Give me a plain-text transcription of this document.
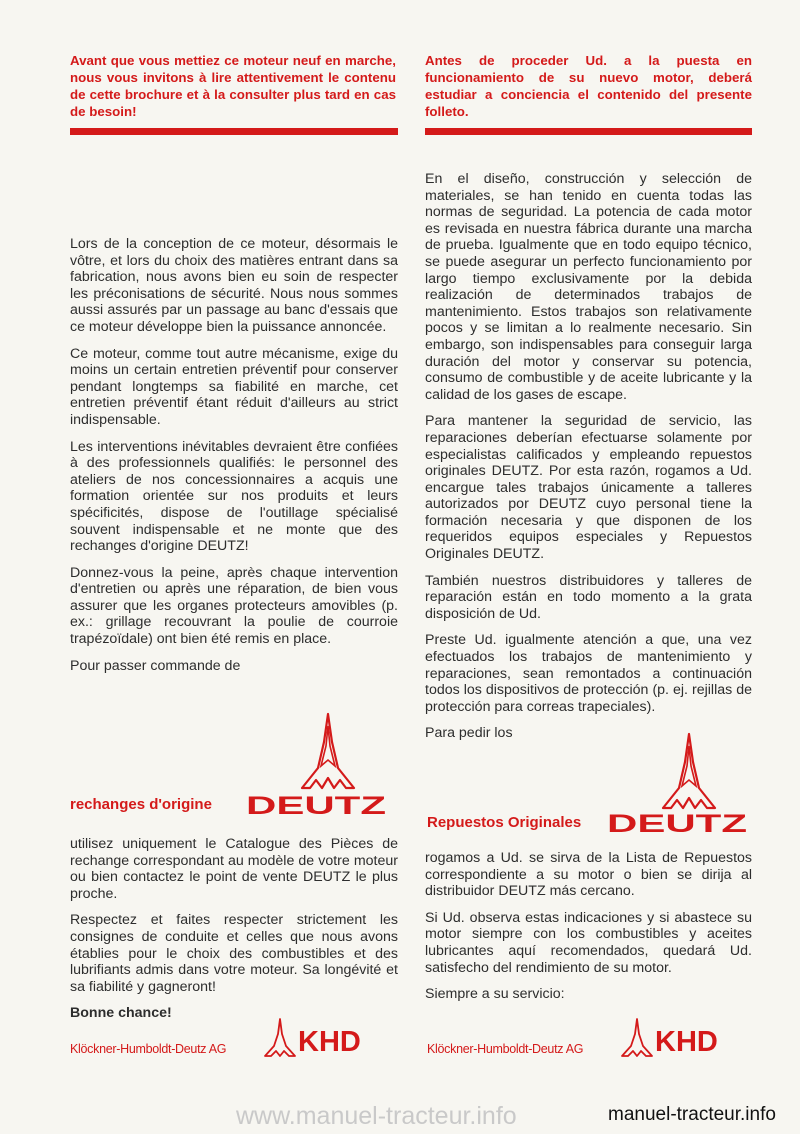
Avant que vous mettiez ce moteur neuf en marche, nous vous invitons à lire attentivement le contenu de cette brochure et à la consulter plus tard en cas de besoin!

Lors de la conception de ce moteur, désormais le vôtre, et lors du choix des matières entrant dans sa fabrication, nous avons bien eu soin de respecter les préconisations de sécurité. Nous nous sommes aussi assurés par un passage au banc d'essais que ce moteur développe bien la puissance annoncée.

Ce moteur, comme tout autre mécanisme, exige du moins un certain entretien préventif pour conserver pendant longtemps sa fiabilité en marche, cet entretien préventif étant réduit d'ailleurs au strict indispensable.

Les interventions inévitables devraient être confiées à des professionnels qualifiés: le personnel des ateliers de nos concessionnaires a acquis une formation orientée sur nos produits et leurs spécificités, dispose de l'outillage spécialisé souvent indispensable et ne monte que des rechanges d'origine DEUTZ!

Donnez-vous la peine, après chaque intervention d'entretien ou après une réparation, de bien vous assurer que les organes protecteurs amovibles (p. ex.: grillage recouvrant la poulie de courroie trapézoïdale) ont bien été remis en place.

Pour passer commande de

rechanges d'origine DEUTZ

utilisez uniquement le Catalogue des Pièces de rechange correspondant au modèle de votre moteur ou bien contactez le point de vente DEUTZ le plus proche.

Respectez et faites respecter strictement les consignes de conduite et celles que nous avons établies pour le choix des combustibles et des lubrifiants admis dans votre moteur. Sa longévité et sa fiabilité y gagneront!

Bonne chance!

Klöckner-Humboldt-Deutz AG KHD
Antes de proceder Ud. a la puesta en funcionamiento de su nuevo motor, deberá estudiar a conciencia el contenido del presente folleto.

En el diseño, construcción y selección de materiales, se han tenido en cuenta todas las normas de seguridad. La potencia de cada motor es revisada en nuestra fábrica durante una marcha de prueba. Igualmente que en todo equipo técnico, se puede asegurar un perfecto funcionamiento por largo tiempo exclusivamente por la debida realización de determinados trabajos de mantenimiento. Estos trabajos son relativamente pocos y se limitan a lo realmente necesario. Sin embargo, son indispensables para conseguir larga duración del motor y conservar su potencia, consumo de combustible y de aceite lubricante y la calidad de los gases de escape.

Para mantener la seguridad de servicio, las reparaciones deberían efectuarse solamente por especialistas calificados y empleando repuestos originales DEUTZ. Por esta razón, rogamos a Ud. encargue tales trabajos únicamente a talleres autorizados por DEUTZ cuyo personal tiene la formación necesaria y que disponen de los requeridos equipos especiales y Repuestos Originales DEUTZ.

También nuestros distribuidores y talleres de reparación están en todo momento a la grata disposición de Ud.

Preste Ud. igualmente atención a que, una vez efectuados los trabajos de mantenimiento y reparaciones, sean remontados a continuación todos los dispositivos de protección (p. ej. rejillas de protección para correas trapeciales).

Para pedir los

Repuestos Originales DEUTZ

rogamos a Ud. se sirva de la Lista de Repuestos correspondiente a su motor o bien se dirija al distribuidor DEUTZ más cercano.

Si Ud. observa estas indicaciones y si abastece su motor siempre con los combustibles y aceites lubricantes aquí recomendados, quedará Ud. satisfecho del rendimiento de su motor.

Siempre a su servicio:

Klöckner-Humboldt-Deutz AG KHD
www.manuel-tracteur.info	manuel-tracteur.info
